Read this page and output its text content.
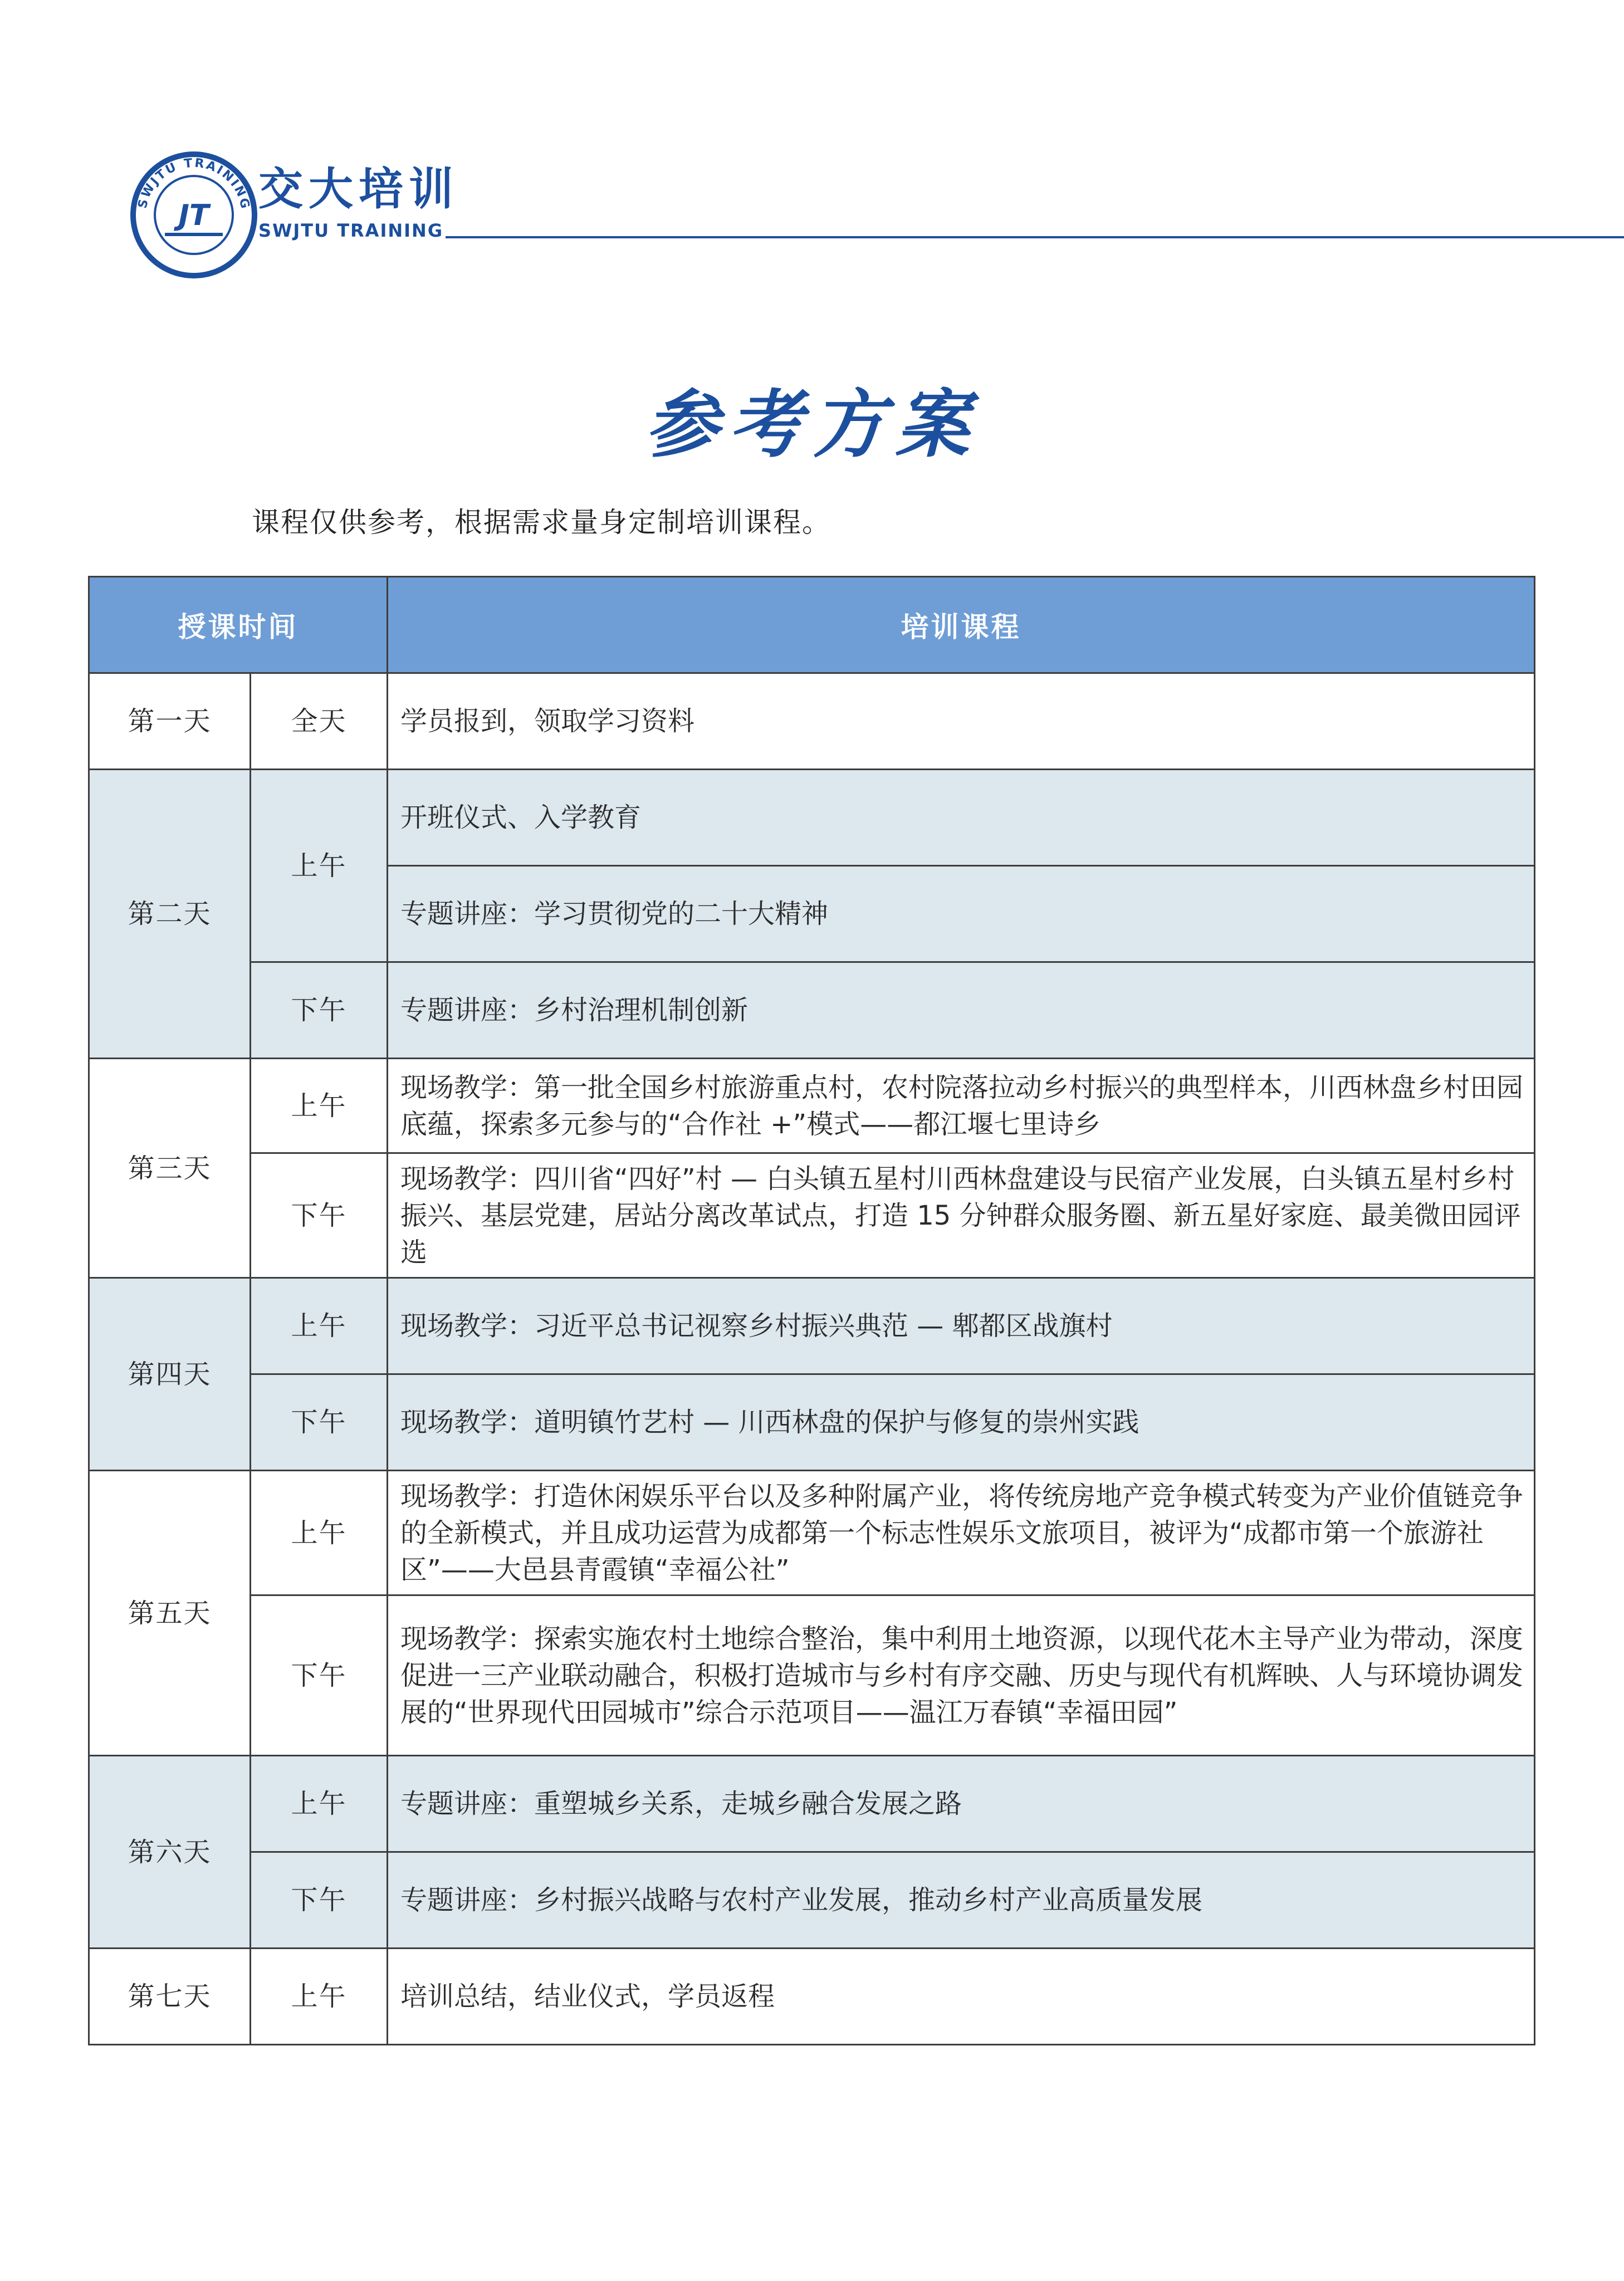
SWJTU TRAINING
JT
交大培训
SWJTU TRAINING
参考方案
课程仅供参考，根据需求量身定制培训课程。
授课时间		培训课程
第一天	全天	学员报到，领取学习资料
第二天	上午	开班仪式、入学教育
		专题讲座：学习贯彻党的二十大精神
	下午	专题讲座：乡村治理机制创新
第三天	上午	现场教学：第一批全国乡村旅游重点村，农村院落拉动乡村振兴的典型样本，川西林盘乡村田园底蕴，探索多元参与的“合作社 +”模式——都江堰七里诗乡
	下午	现场教学：四川省“四好”村 — 白头镇五星村川西林盘建设与民宿产业发展，白头镇五星村乡村振兴、基层党建，居站分离改革试点，打造 15 分钟群众服务圈、新五星好家庭、最美微田园评选
第四天	上午	现场教学：习近平总书记视察乡村振兴典范 — 郫都区战旗村
	下午	现场教学：道明镇竹艺村 — 川西林盘的保护与修复的崇州实践
第五天	上午	现场教学：打造休闲娱乐平台以及多种附属产业，将传统房地产竞争模式转变为产业价值链竞争的全新模式，并且成功运营为成都第一个标志性娱乐文旅项目，被评为“成都市第一个旅游社区”——大邑县青霞镇“幸福公社”
	下午	现场教学：探索实施农村土地综合整治，集中利用土地资源，以现代花木主导产业为带动，深度促进一三产业联动融合，积极打造城市与乡村有序交融、历史与现代有机辉映、人与环境协调发展的“世界现代田园城市”综合示范项目——温江万春镇“幸福田园”
第六天	上午	专题讲座：重塑城乡关系，走城乡融合发展之路
	下午	专题讲座：乡村振兴战略与农村产业发展，推动乡村产业高质量发展
第七天	上午	培训总结，结业仪式，学员返程
